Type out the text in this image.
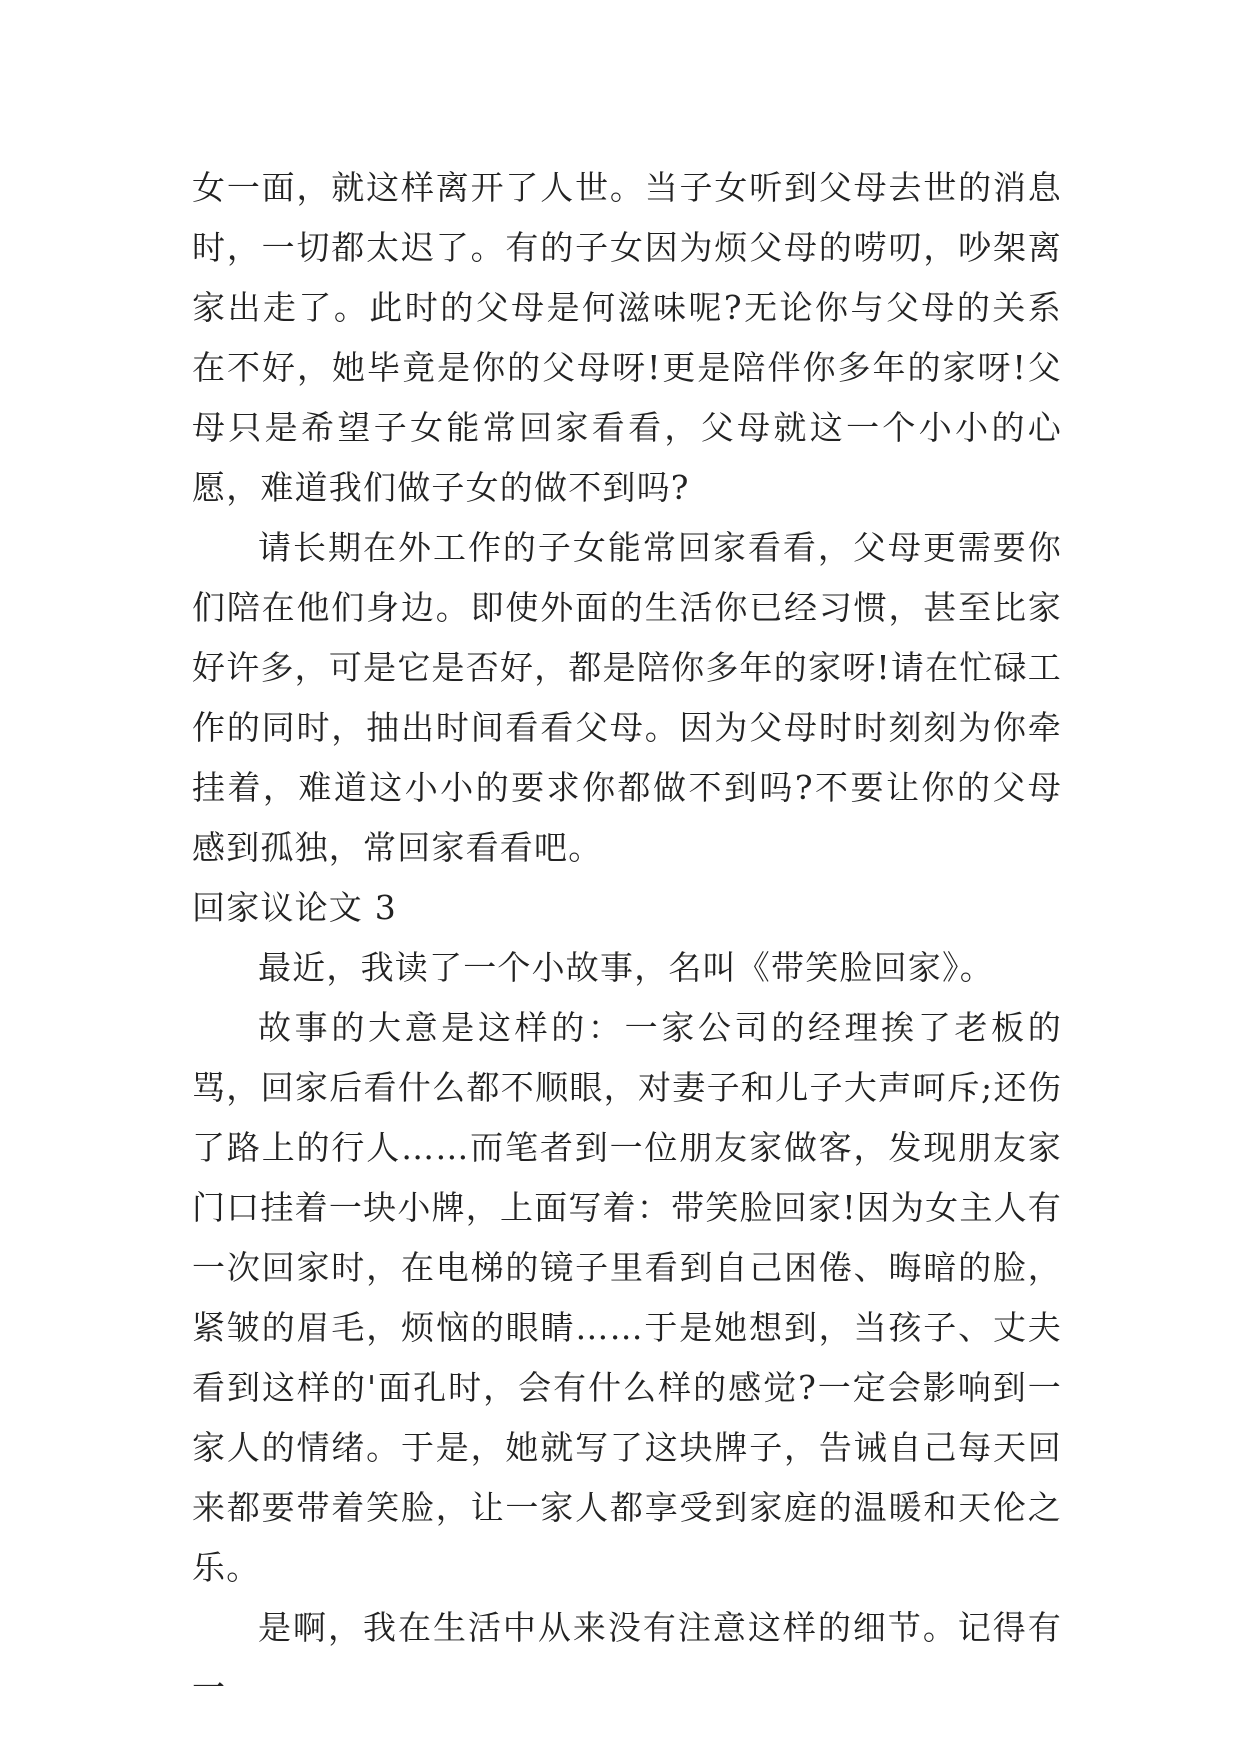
女一面，就这样离开了人世。当子女听到父母去世的消息时，一切都太迟了。有的子女因为烦父母的唠叨，吵架离家出走了。此时的父母是何滋味呢?无论你与父母的关系在不好，她毕竟是你的父母呀!更是陪伴你多年的家呀!父母只是希望子女能常回家看看，父母就这一个小小的心愿，难道我们做子女的做不到吗?

请长期在外工作的子女能常回家看看，父母更需要你们陪在他们身边。即使外面的生活你已经习惯，甚至比家好许多，可是它是否好，都是陪你多年的家呀!请在忙碌工作的同时，抽出时间看看父母。因为父母时时刻刻为你牵挂着，难道这小小的要求你都做不到吗?不要让你的父母感到孤独，常回家看看吧。

回家议论文 3

最近，我读了一个小故事，名叫《带笑脸回家》。

故事的大意是这样的：一家公司的经理挨了老板的骂，回家后看什么都不顺眼，对妻子和儿子大声呵斥;还伤了路上的行人……而笔者到一位朋友家做客，发现朋友家门口挂着一块小牌，上面写着：带笑脸回家!因为女主人有一次回家时，在电梯的镜子里看到自己困倦、晦暗的脸，紧皱的眉毛，烦恼的眼睛……于是她想到，当孩子、丈夫看到这样的'面孔时，会有什么样的感觉?一定会影响到一家人的情绪。于是，她就写了这块牌子，告诫自己每天回来都要带着笑脸，让一家人都享受到家庭的温暖和天伦之乐。

是啊，我在生活中从来没有注意这样的细节。记得有一
